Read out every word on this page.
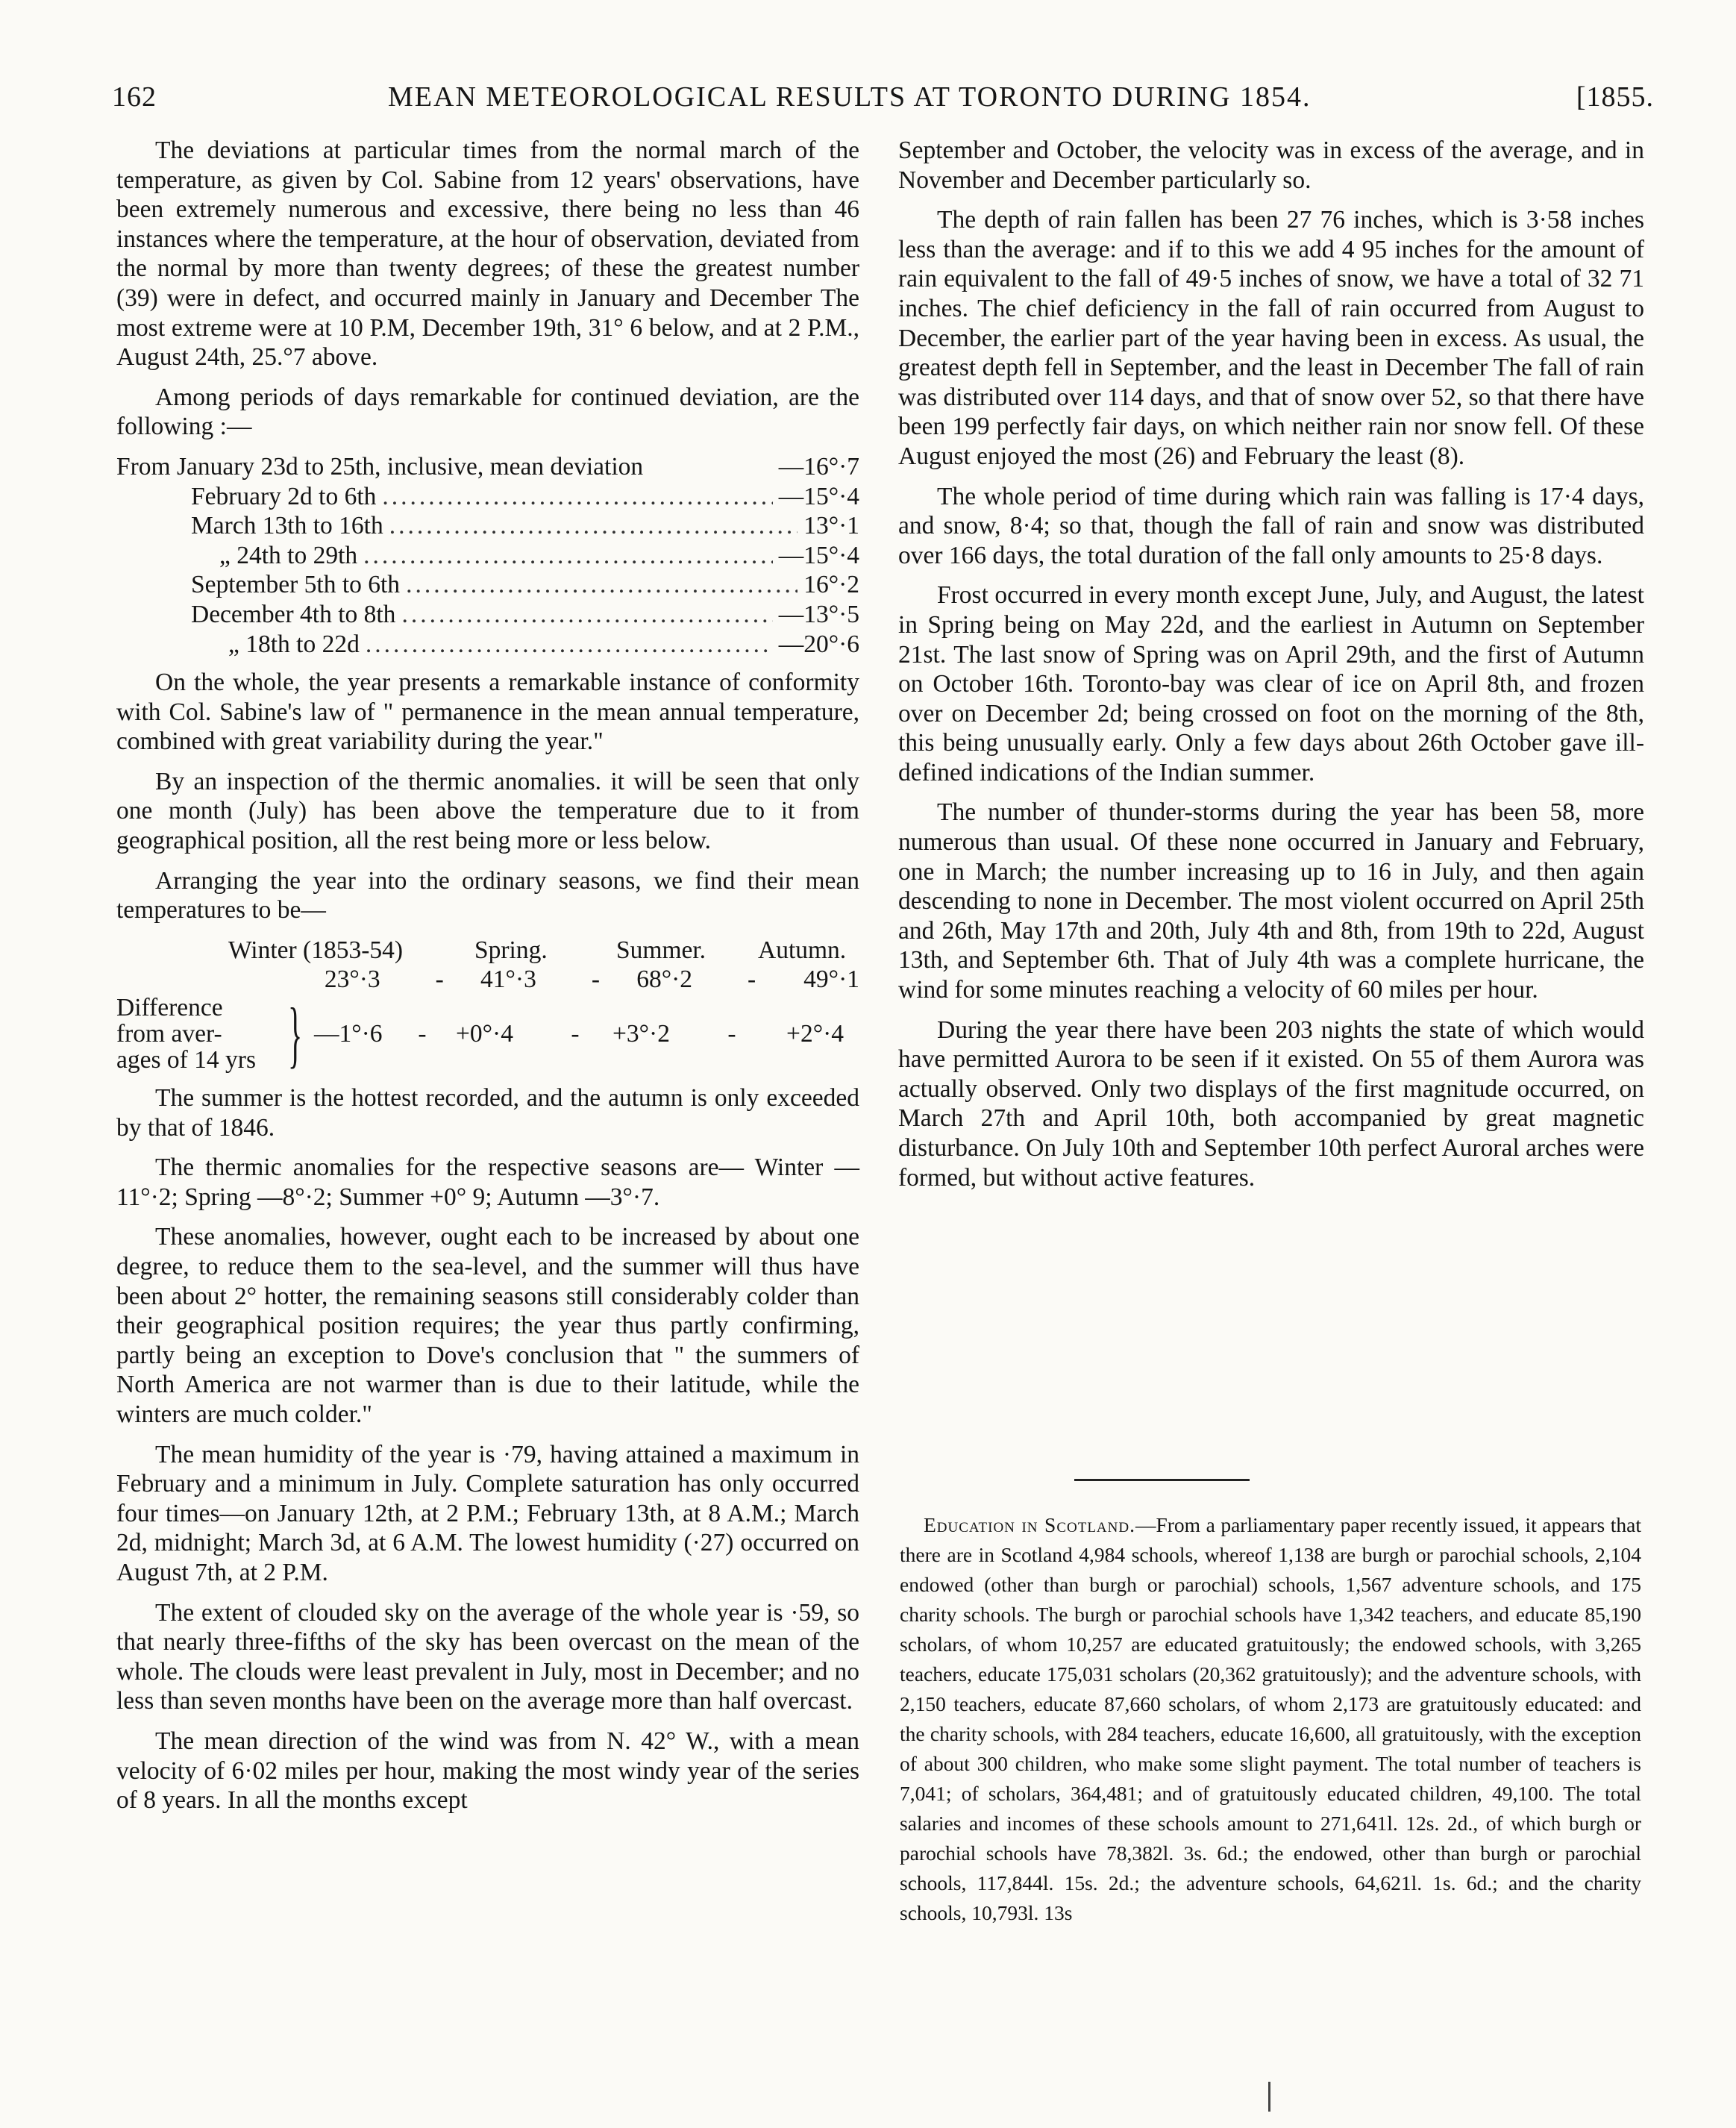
162	MEAN METEOROLOGICAL RESULTS AT TORONTO DURING 1854.	[1855.

The deviations at particular times from the normal march of the temperature, as given by Col. Sabine from 12 years' observations, have been extremely numerous and excessive, there being no less than 46 instances where the temperature, at the hour of observation, deviated from the normal by more than twenty degrees; of these the greatest number (39) were in defect, and occurred mainly in January and December The most extreme were at 10 P.M, December 19th, 31° 6 below, and at 2 P.M., August 24th, 25.°7 above.

Among periods of days remarkable for continued deviation, are the following :—

From January 23d to 25th, inclusive, mean deviation	—16°·7
February 2d to 6th .....	—15°·4
March 13th to 16th .....	13°·1
„ 24th to 29th .....	—15°·4
September 5th to 6th .....	16°·2
December 4th to 8th .....	—13°·5
„ 18th to 22d .....	—20°·6

On the whole, the year presents a remarkable instance of conformity with Col. Sabine's law of " permanence in the mean annual temperature, combined with great variability during the year."

By an inspection of the thermic anomalies. it will be seen that only one month (July) has been above the temperature due to it from geographical position, all the rest being more or less below.

Arranging the year into the ordinary seasons, we find their mean temperatures to be—

Winter (1853-54)	Spring.	Summer.	Autumn.
23°·3	-	41°·3	-	68°·2	-	49°·1
Difference
from aver-
ages of 14 yrs } —1°·6	-	+0°·4	-	+3°·2	-	+2°·4

The summer is the hottest recorded, and the autumn is only exceeded by that of 1846.

The thermic anomalies for the respective seasons are— Winter —11°·2; Spring —8°·2; Summer +0° 9; Autumn —3°·7.

These anomalies, however, ought each to be increased by about one degree, to reduce them to the sea-level, and the summer will thus have been about 2° hotter, the remaining seasons still considerably colder than their geographical position requires; the year thus partly confirming, partly being an exception to Dove's conclusion that " the summers of North America are not warmer than is due to their latitude, while the winters are much colder."

The mean humidity of the year is ·79, having attained a maximum in February and a minimum in July. Complete saturation has only occurred four times—on January 12th, at 2 P.M.; February 13th, at 8 A.M.; March 2d, midnight; March 3d, at 6 A.M. The lowest humidity (·27) occurred on August 7th, at 2 P.M.

The extent of clouded sky on the average of the whole year is ·59, so that nearly three-fifths of the sky has been overcast on the mean of the whole. The clouds were least prevalent in July, most in December; and no less than seven months have been on the average more than half overcast.

The mean direction of the wind was from N. 42° W., with a mean velocity of 6·02 miles per hour, making the most windy year of the series of 8 years. In all the months except

September and October, the velocity was in excess of the average, and in November and December particularly so.

The depth of rain fallen has been 27 76 inches, which is 3·58 inches less than the average: and if to this we add 4 95 inches for the amount of rain equivalent to the fall of 49·5 inches of snow, we have a total of 32 71 inches. The chief deficiency in the fall of rain occurred from August to December, the earlier part of the year having been in excess. As usual, the greatest depth fell in September, and the least in December The fall of rain was distributed over 114 days, and that of snow over 52, so that there have been 199 perfectly fair days, on which neither rain nor snow fell. Of these August enjoyed the most (26) and February the least (8).

The whole period of time during which rain was falling is 17·4 days, and snow, 8·4; so that, though the fall of rain and snow was distributed over 166 days, the total duration of the fall only amounts to 25·8 days.

Frost occurred in every month except June, July, and August, the latest in Spring being on May 22d, and the earliest in Autumn on September 21st. The last snow of Spring was on April 29th, and the first of Autumn on October 16th. Toronto-bay was clear of ice on April 8th, and frozen over on December 2d; being crossed on foot on the morning of the 8th, this being unusually early. Only a few days about 26th October gave ill-defined indications of the Indian summer.

The number of thunder-storms during the year has been 58, more numerous than usual. Of these none occurred in January and February, one in March; the number increasing up to 16 in July, and then again descending to none in December. The most violent occurred on April 25th and 26th, May 17th and 20th, July 4th and 8th, from 19th to 22d, August 13th, and September 6th. That of July 4th was a complete hurricane, the wind for some minutes reaching a velocity of 60 miles per hour.

During the year there have been 203 nights the state of which would have permitted Aurora to be seen if it existed. On 55 of them Aurora was actually observed. Only two displays of the first magnitude occurred, on March 27th and April 10th, both accompanied by great magnetic disturbance. On July 10th and September 10th perfect Auroral arches were formed, but without active features.

Education in Scotland.—From a parliamentary paper recently issued, it appears that there are in Scotland 4,984 schools, whereof 1,138 are burgh or parochial schools, 2,104 endowed (other than burgh or parochial) schools, 1,567 adventure schools, and 175 charity schools. The burgh or parochial schools have 1,342 teachers, and educate 85,190 scholars, of whom 10,257 are educated gratuitously; the endowed schools, with 3,265 teachers, educate 175,031 scholars (20,362 gratuitously); and the adventure schools, with 2,150 teachers, educate 87,660 scholars, of whom 2,173 are gratuitously educated: and the charity schools, with 284 teachers, educate 16,600, all gratuitously, with the exception of about 300 children, who make some slight payment. The total number of teachers is 7,041; of scholars, 364,481; and of gratuitously educated children, 49,100. The total salaries and incomes of these schools amount to 271,641l. 12s. 2d., of which burgh or parochial schools have 78,382l. 3s. 6d.; the endowed, other than burgh or parochial schools, 117,844l. 15s. 2d.; the adventure schools, 64,621l. 1s. 6d.; and the charity schools, 10,793l. 13s
